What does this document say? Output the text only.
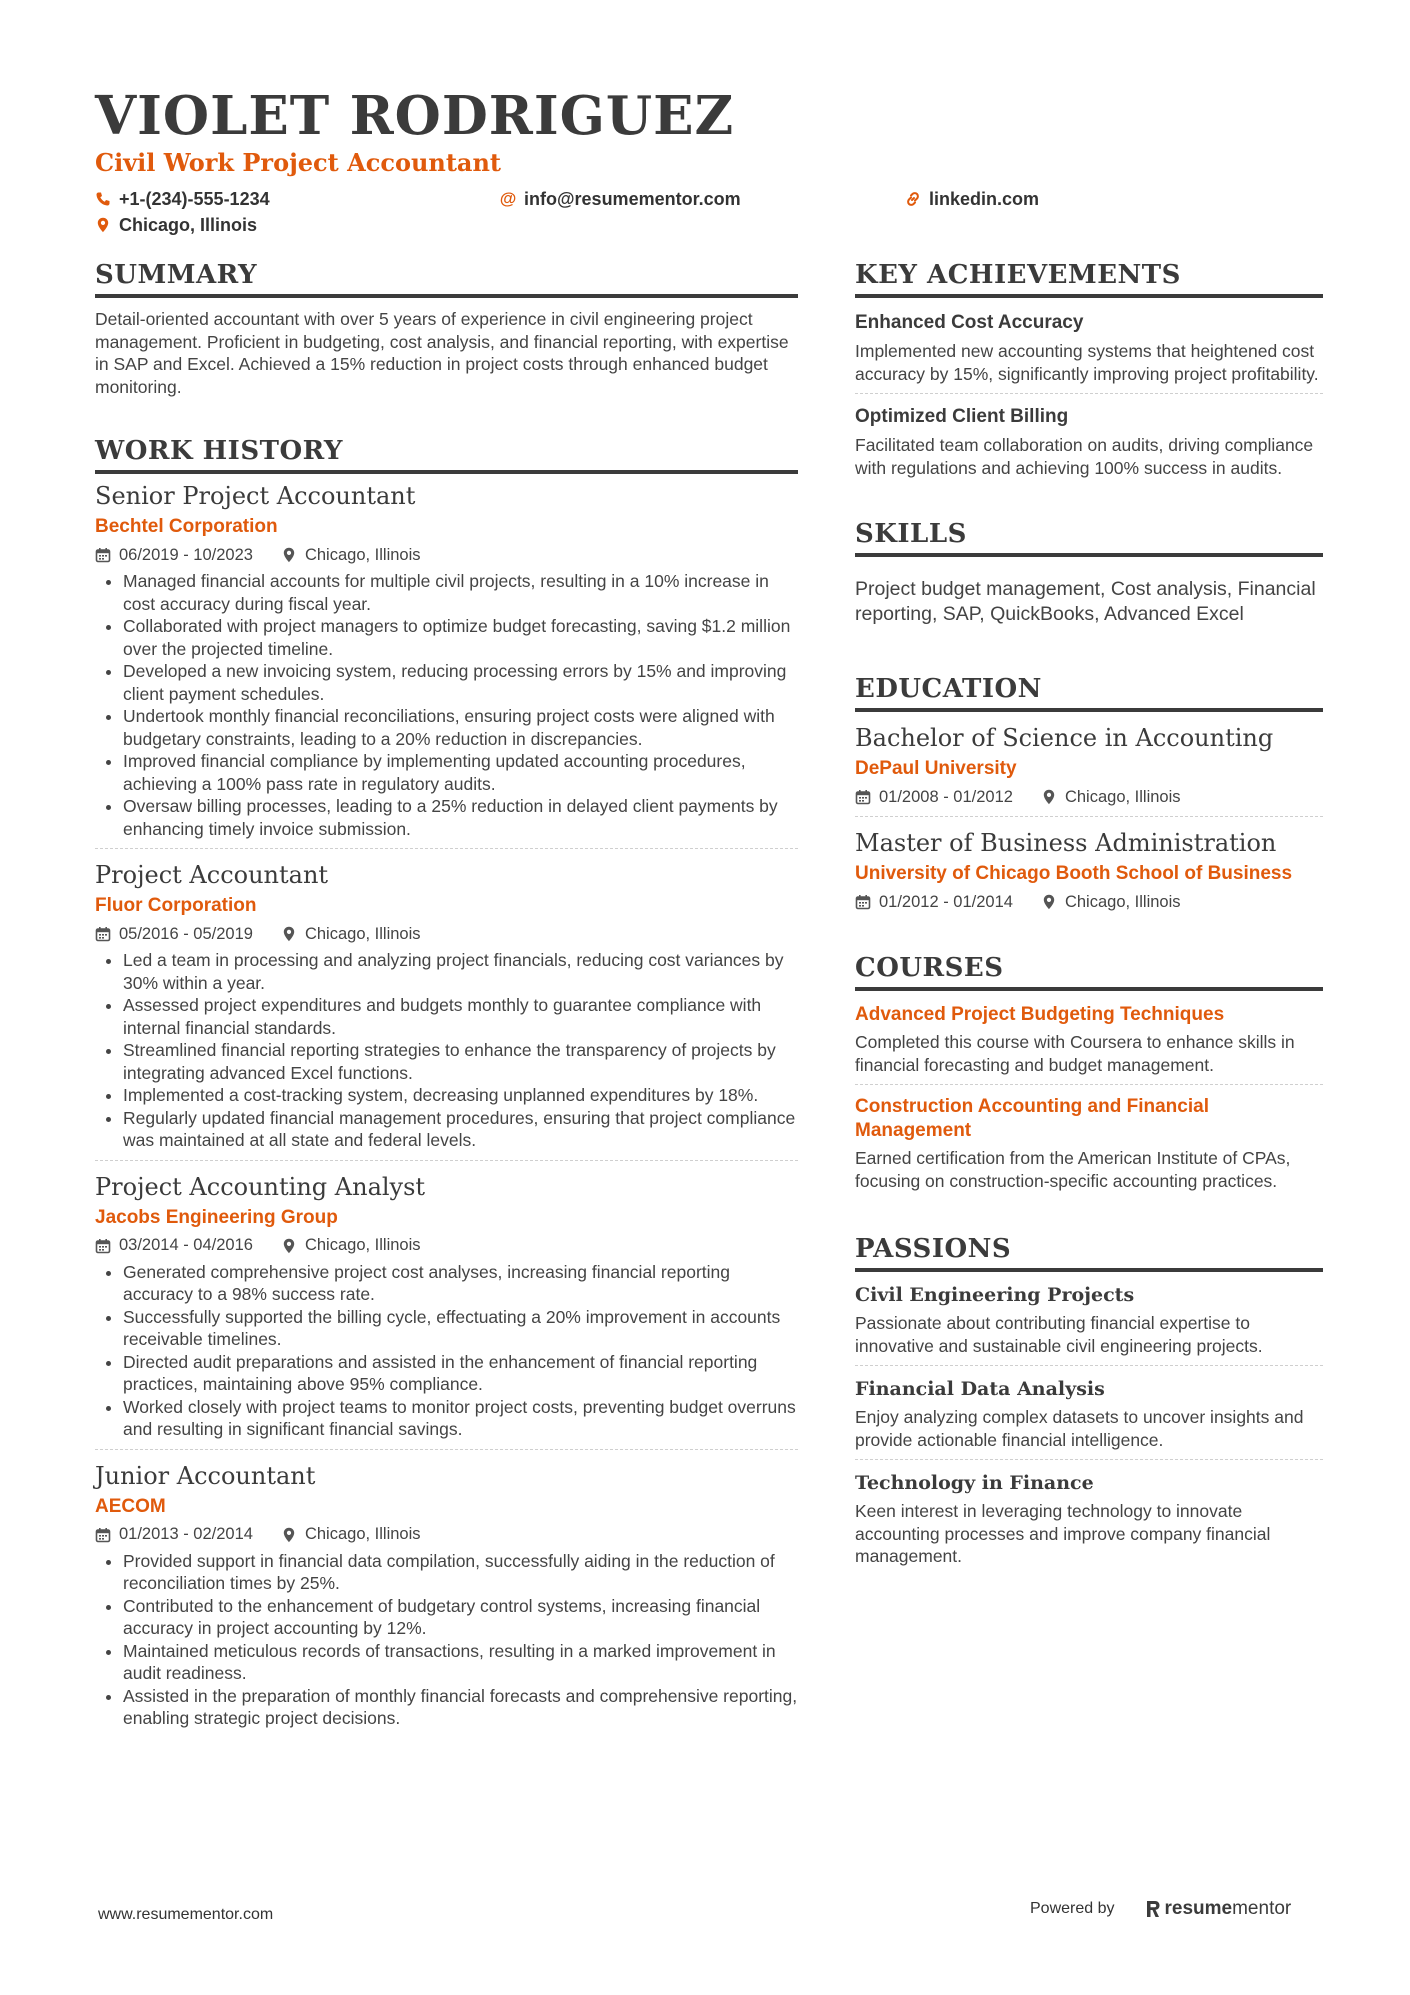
VIOLET RODRIGUEZ
Civil Work Project Accountant
+1-(234)-555-1234	@ info@resumementor.com	linkedin.com
Chicago, Illinois
SUMMARY
Detail-oriented accountant with over 5 years of experience in civil engineering project management. Proficient in budgeting, cost analysis, and financial reporting, with expertise in SAP and Excel. Achieved a 15% reduction in project costs through enhanced budget monitoring.
WORK HISTORY
Senior Project Accountant
Bechtel Corporation
06/2019 - 10/2023	Chicago, Illinois
• Managed financial accounts for multiple civil projects, resulting in a 10% increase in cost accuracy during fiscal year.
• Collaborated with project managers to optimize budget forecasting, saving $1.2 million over the projected timeline.
• Developed a new invoicing system, reducing processing errors by 15% and improving client payment schedules.
• Undertook monthly financial reconciliations, ensuring project costs were aligned with budgetary constraints, leading to a 20% reduction in discrepancies.
• Improved financial compliance by implementing updated accounting procedures, achieving a 100% pass rate in regulatory audits.
• Oversaw billing processes, leading to a 25% reduction in delayed client payments by enhancing timely invoice submission.
Project Accountant
Fluor Corporation
05/2016 - 05/2019	Chicago, Illinois
• Led a team in processing and analyzing project financials, reducing cost variances by 30% within a year.
• Assessed project expenditures and budgets monthly to guarantee compliance with internal financial standards.
• Streamlined financial reporting strategies to enhance the transparency of projects by integrating advanced Excel functions.
• Implemented a cost-tracking system, decreasing unplanned expenditures by 18%.
• Regularly updated financial management procedures, ensuring that project compliance was maintained at all state and federal levels.
Project Accounting Analyst
Jacobs Engineering Group
03/2014 - 04/2016	Chicago, Illinois
• Generated comprehensive project cost analyses, increasing financial reporting accuracy to a 98% success rate.
• Successfully supported the billing cycle, effectuating a 20% improvement in accounts receivable timelines.
• Directed audit preparations and assisted in the enhancement of financial reporting practices, maintaining above 95% compliance.
• Worked closely with project teams to monitor project costs, preventing budget overruns and resulting in significant financial savings.
Junior Accountant
AECOM
01/2013 - 02/2014	Chicago, Illinois
• Provided support in financial data compilation, successfully aiding in the reduction of reconciliation times by 25%.
• Contributed to the enhancement of budgetary control systems, increasing financial accuracy in project accounting by 12%.
• Maintained meticulous records of transactions, resulting in a marked improvement in audit readiness.
• Assisted in the preparation of monthly financial forecasts and comprehensive reporting, enabling strategic project decisions.
KEY ACHIEVEMENTS
Enhanced Cost Accuracy
Implemented new accounting systems that heightened cost accuracy by 15%, significantly improving project profitability.
Optimized Client Billing
Facilitated team collaboration on audits, driving compliance with regulations and achieving 100% success in audits.
SKILLS
Project budget management, Cost analysis, Financial reporting, SAP, QuickBooks, Advanced Excel
EDUCATION
Bachelor of Science in Accounting
DePaul University
01/2008 - 01/2012	Chicago, Illinois
Master of Business Administration
University of Chicago Booth School of Business
01/2012 - 01/2014	Chicago, Illinois
COURSES
Advanced Project Budgeting Techniques
Completed this course with Coursera to enhance skills in financial forecasting and budget management.
Construction Accounting and Financial Management
Earned certification from the American Institute of CPAs, focusing on construction-specific accounting practices.
PASSIONS
Civil Engineering Projects
Passionate about contributing financial expertise to innovative and sustainable civil engineering projects.
Financial Data Analysis
Enjoy analyzing complex datasets to uncover insights and provide actionable financial intelligence.
Technology in Finance
Keen interest in leveraging technology to innovate accounting processes and improve company financial management.
www.resumementor.com	Powered by	resume mentor
